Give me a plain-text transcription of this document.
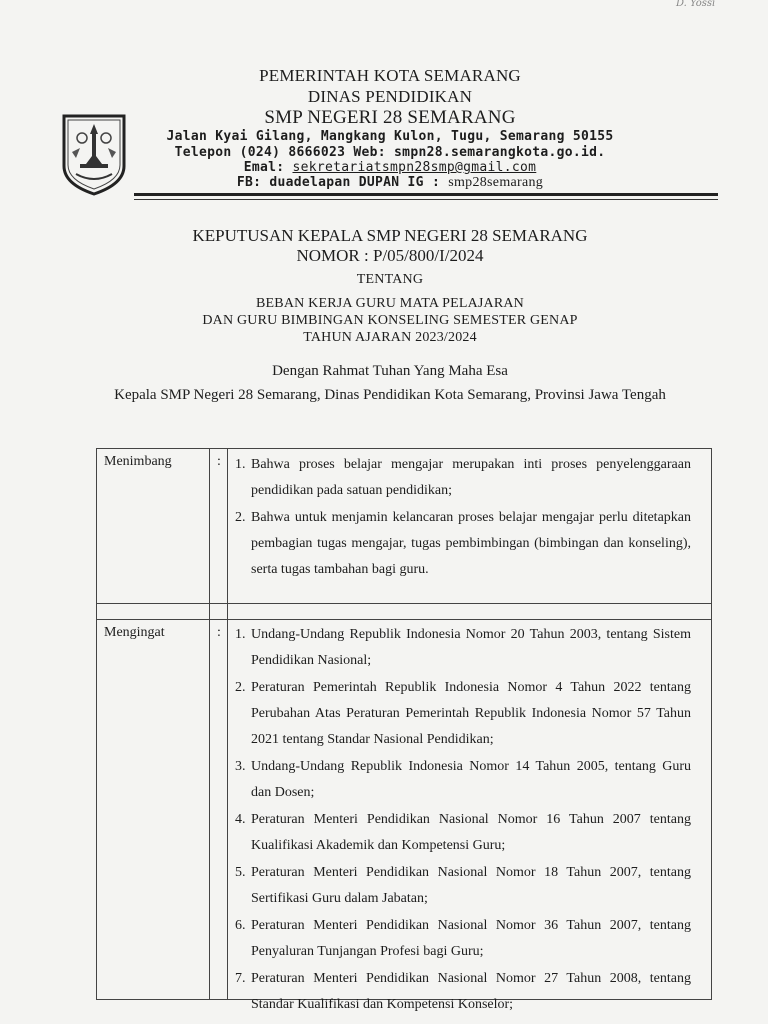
D. Yossi
PEMERINTAH KOTA SEMARANG
DINAS PENDIDIKAN
SMP NEGERI 28 SEMARANG
Jalan Kyai Gilang, Mangkang Kulon, Tugu, Semarang 50155
Telepon (024) 8666023 Web: smpn28.semarangkota.go.id.
Emal: sekretariatsmpn28smp@gmail.com
FB: duadelapan DUPAN IG : smp28semarang
KEPUTUSAN KEPALA SMP NEGERI 28 SEMARANG
NOMOR : P/05/800/I/2024
TENTANG
BEBAN KERJA GURU MATA PELAJARAN
DAN GURU BIMBINGAN KONSELING SEMESTER GENAP
TAHUN AJARAN 2023/2024
Dengan Rahmat Tuhan Yang Maha Esa
Kepala SMP Negeri 28 Semarang, Dinas Pendidikan Kota Semarang, Provinsi Jawa Tengah
Menimbang	: 1. Bahwa proses belajar mengajar merupakan inti proses penyelenggaraan pendidikan pada satuan pendidikan;
2. Bahwa untuk menjamin kelancaran proses belajar mengajar perlu ditetapkan pembagian tugas mengajar, tugas pembimbingan (bimbingan dan konseling), serta tugas tambahan bagi guru.
Mengingat	: 1. Undang-Undang Republik Indonesia Nomor 20 Tahun 2003, tentang Sistem Pendidikan Nasional;
2. Peraturan Pemerintah Republik Indonesia Nomor 4 Tahun 2022 tentang Perubahan Atas Peraturan Pemerintah Republik Indonesia Nomor 57 Tahun 2021 tentang Standar Nasional Pendidikan;
3. Undang-Undang Republik Indonesia Nomor 14 Tahun 2005, tentang Guru dan Dosen;
4. Peraturan Menteri Pendidikan Nasional Nomor 16 Tahun 2007 tentang Kualifikasi Akademik dan Kompetensi Guru;
5. Peraturan Menteri Pendidikan Nasional Nomor 18 Tahun 2007, tentang Sertifikasi Guru dalam Jabatan;
6. Peraturan Menteri Pendidikan Nasional Nomor 36 Tahun 2007, tentang Penyaluran Tunjangan Profesi bagi Guru;
7. Peraturan Menteri Pendidikan Nasional Nomor 27 Tahun 2008, tentang Standar Kualifikasi dan Kompetensi Konselor;
